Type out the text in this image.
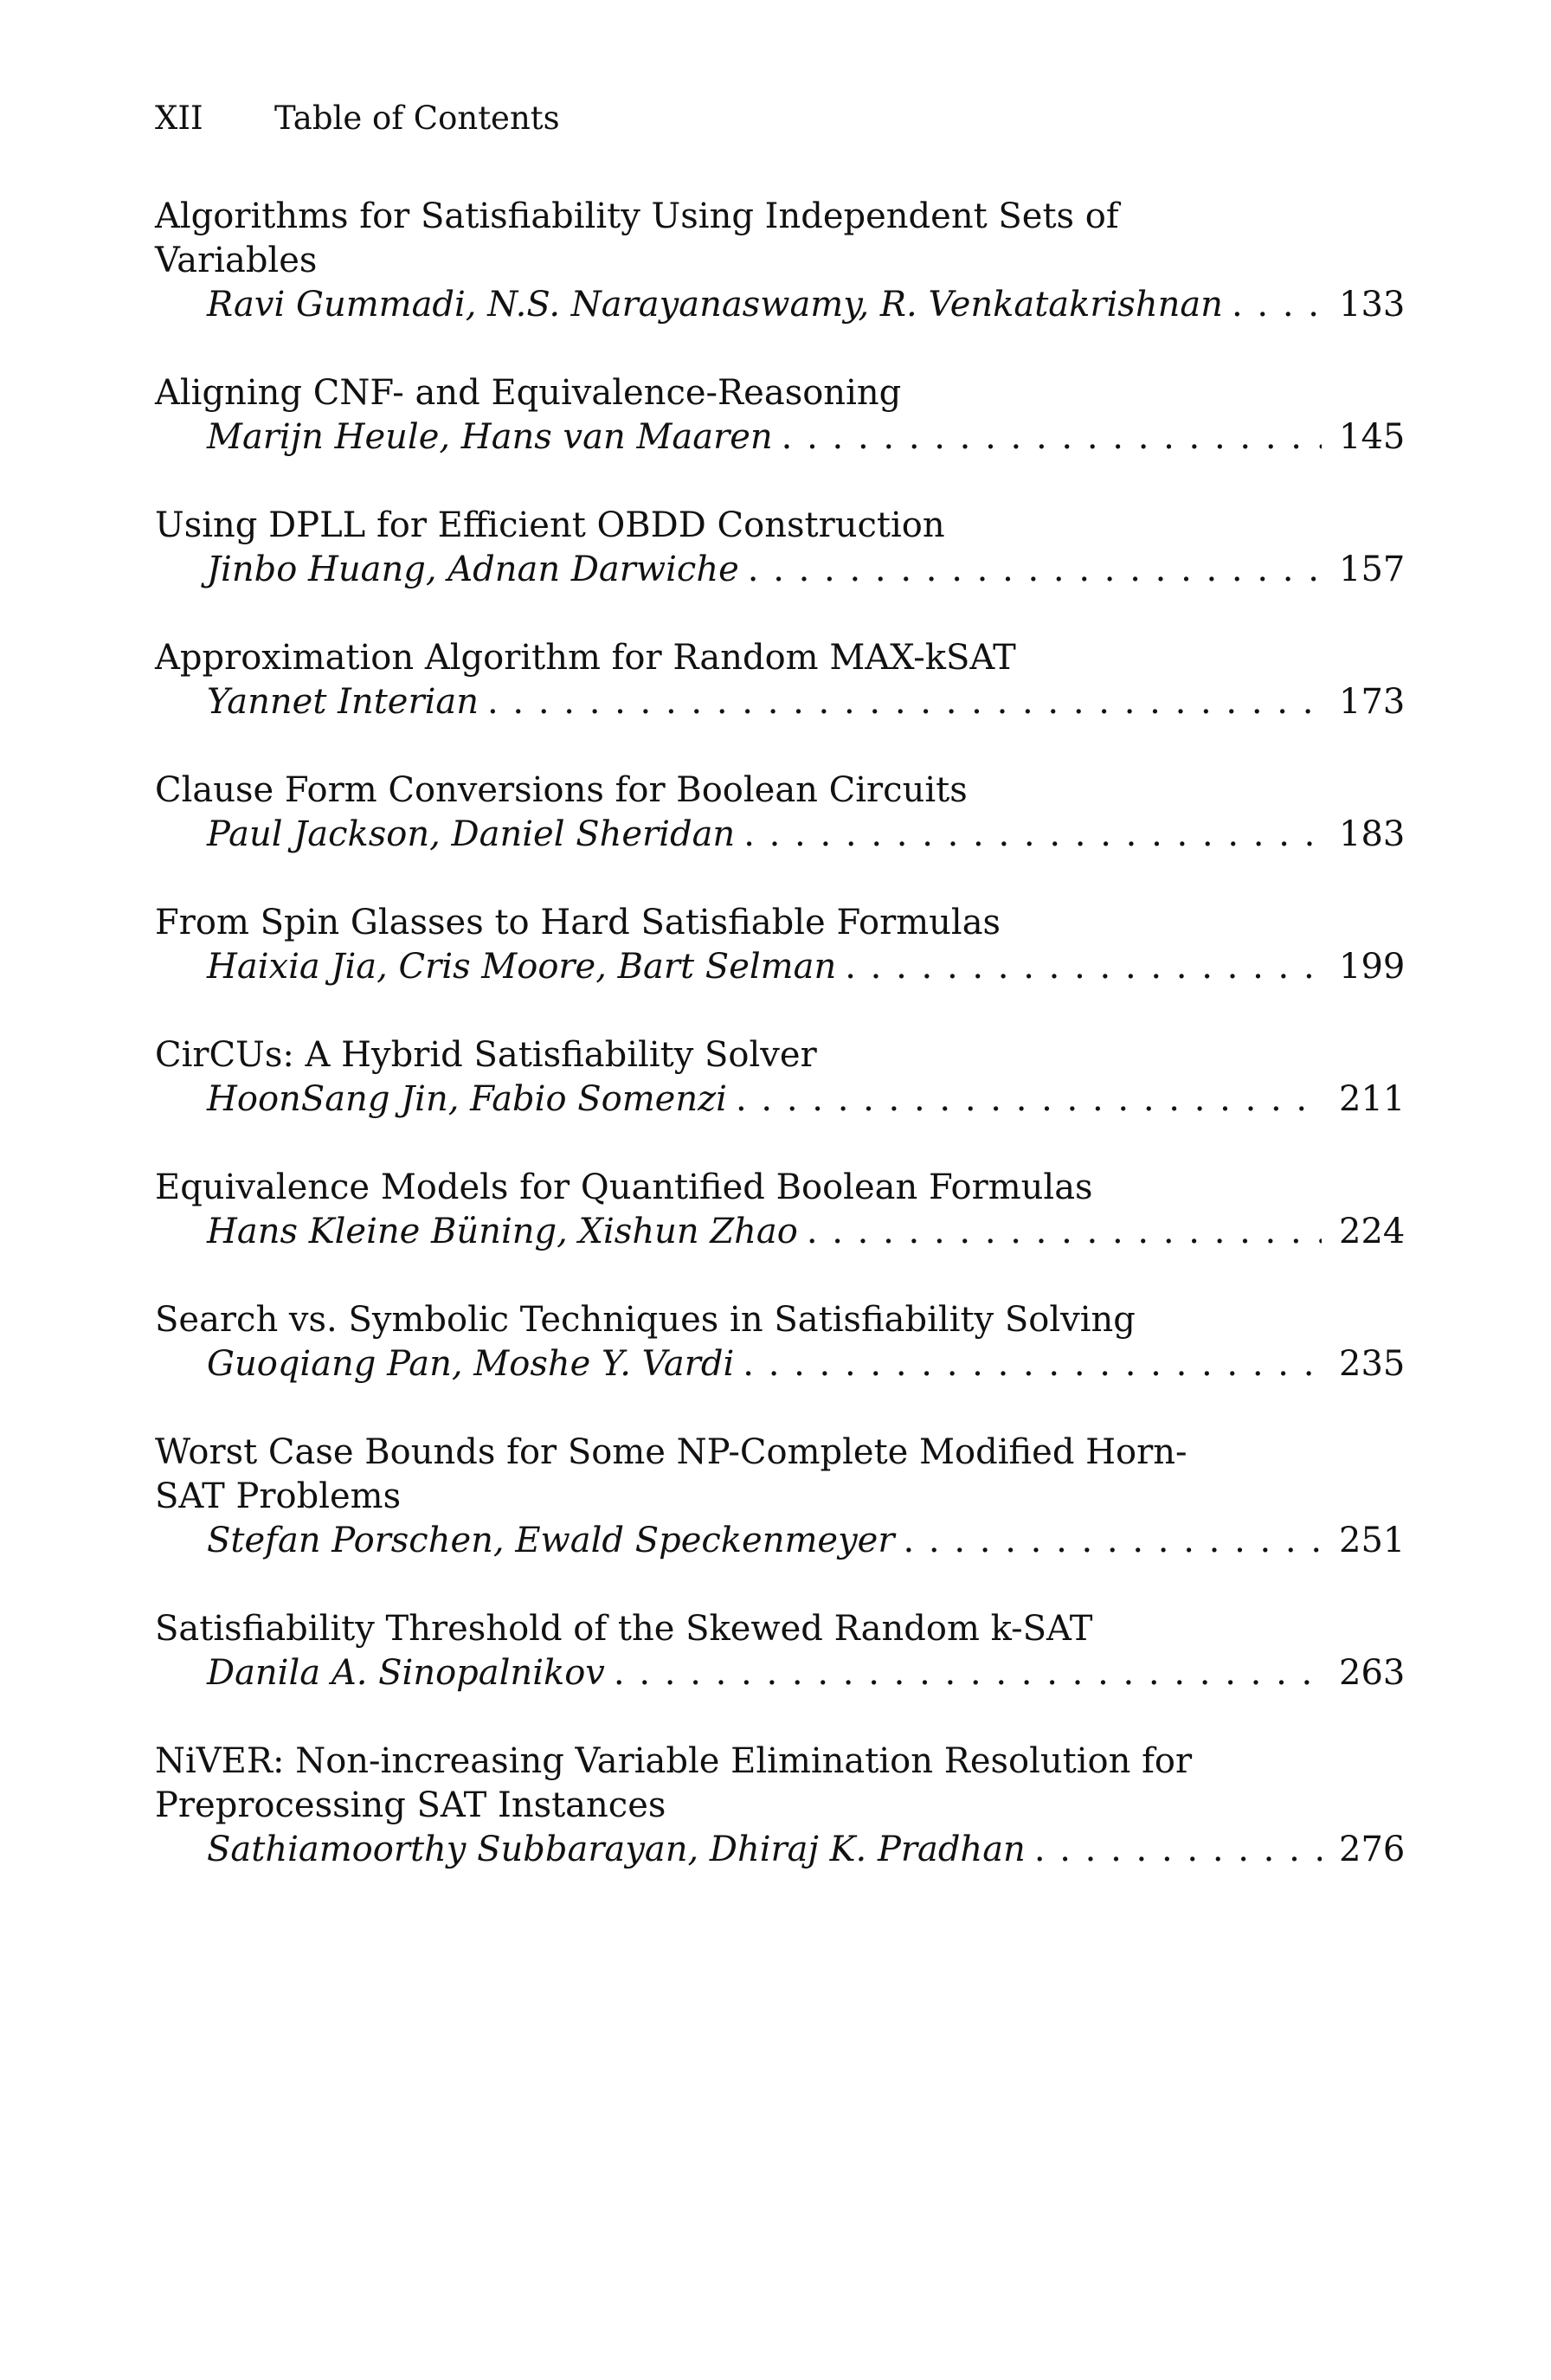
XII Table of Contents
Algorithms for Satisfiability Using Independent Sets of Variables
Ravi Gummadi, N.S. Narayanaswamy, R. Venkatakrishnan . . .	133
Aligning CNF- and Equivalence-Reasoning
Marijn Heule, Hans van Maaren . . .	145
Using DPLL for Efficient OBDD Construction
Jinbo Huang, Adnan Darwiche . . .	157
Approximation Algorithm for Random MAX-kSAT
Yannet Interian . . .	173
Clause Form Conversions for Boolean Circuits
Paul Jackson, Daniel Sheridan . . .	183
From Spin Glasses to Hard Satisfiable Formulas
Haixia Jia, Cris Moore, Bart Selman . . .	199
CirCUs: A Hybrid Satisfiability Solver
HoonSang Jin, Fabio Somenzi . . .	211
Equivalence Models for Quantified Boolean Formulas
Hans Kleine Büning, Xishun Zhao . . .	224
Search vs. Symbolic Techniques in Satisfiability Solving
Guoqiang Pan, Moshe Y. Vardi . . .	235
Worst Case Bounds for Some NP-Complete Modified Horn-SAT Problems
Stefan Porschen, Ewald Speckenmeyer . . .	251
Satisfiability Threshold of the Skewed Random k-SAT
Danila A. Sinopalnikov . . .	263
NiVER: Non-increasing Variable Elimination Resolution for Preprocessing SAT Instances
Sathiamoorthy Subbarayan, Dhiraj K. Pradhan . . .	276
